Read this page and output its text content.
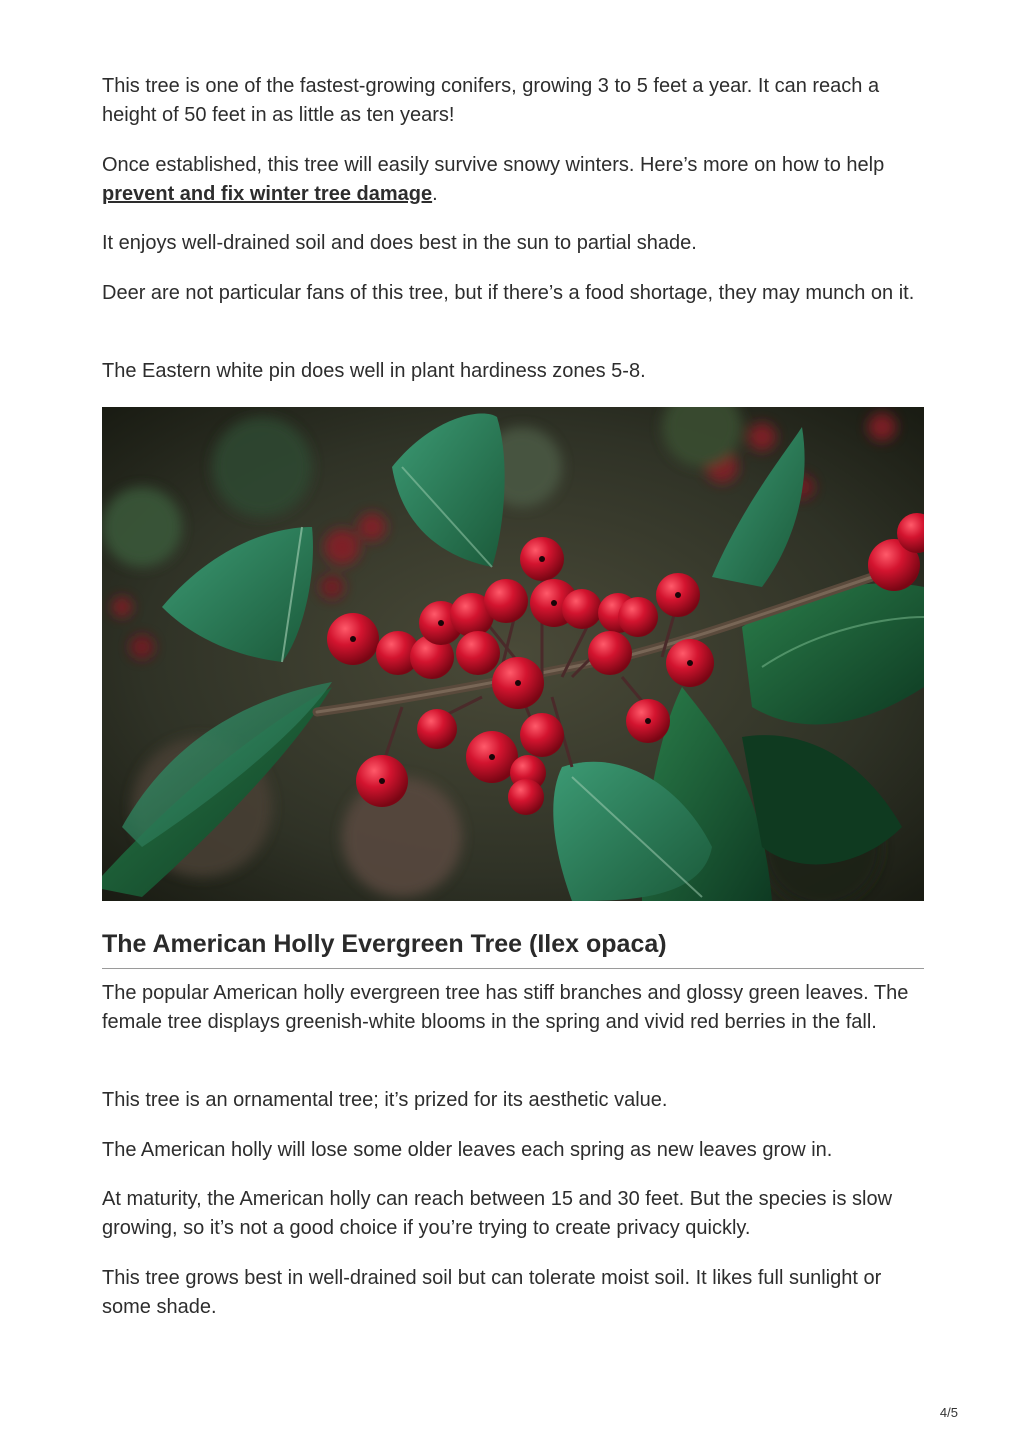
This tree is one of the fastest-growing conifers, growing 3 to 5 feet a year. It can reach a height of 50 feet in as little as ten years!

Once established, this tree will easily survive snowy winters. Here’s more on how to help prevent and fix winter tree damage.

It enjoys well-drained soil and does best in the sun to partial shade.

Deer are not particular fans of this tree, but if there’s a food shortage, they may munch on it.

The Eastern white pin does well in plant hardiness zones 5-8.

The American Holly Evergreen Tree (Ilex opaca)

The popular American holly evergreen tree has stiff branches and glossy green leaves. The female tree displays greenish-white blooms in the spring and vivid red berries in the fall.

This tree is an ornamental tree; it’s prized for its aesthetic value.

The American holly will lose some older leaves each spring as new leaves grow in.

At maturity, the American holly can reach between 15 and 30 feet. But the species is slow growing, so it’s not a good choice if you’re trying to create privacy quickly.

This tree grows best in well-drained soil but can tolerate moist soil. It likes full sunlight or some shade.

4/5
